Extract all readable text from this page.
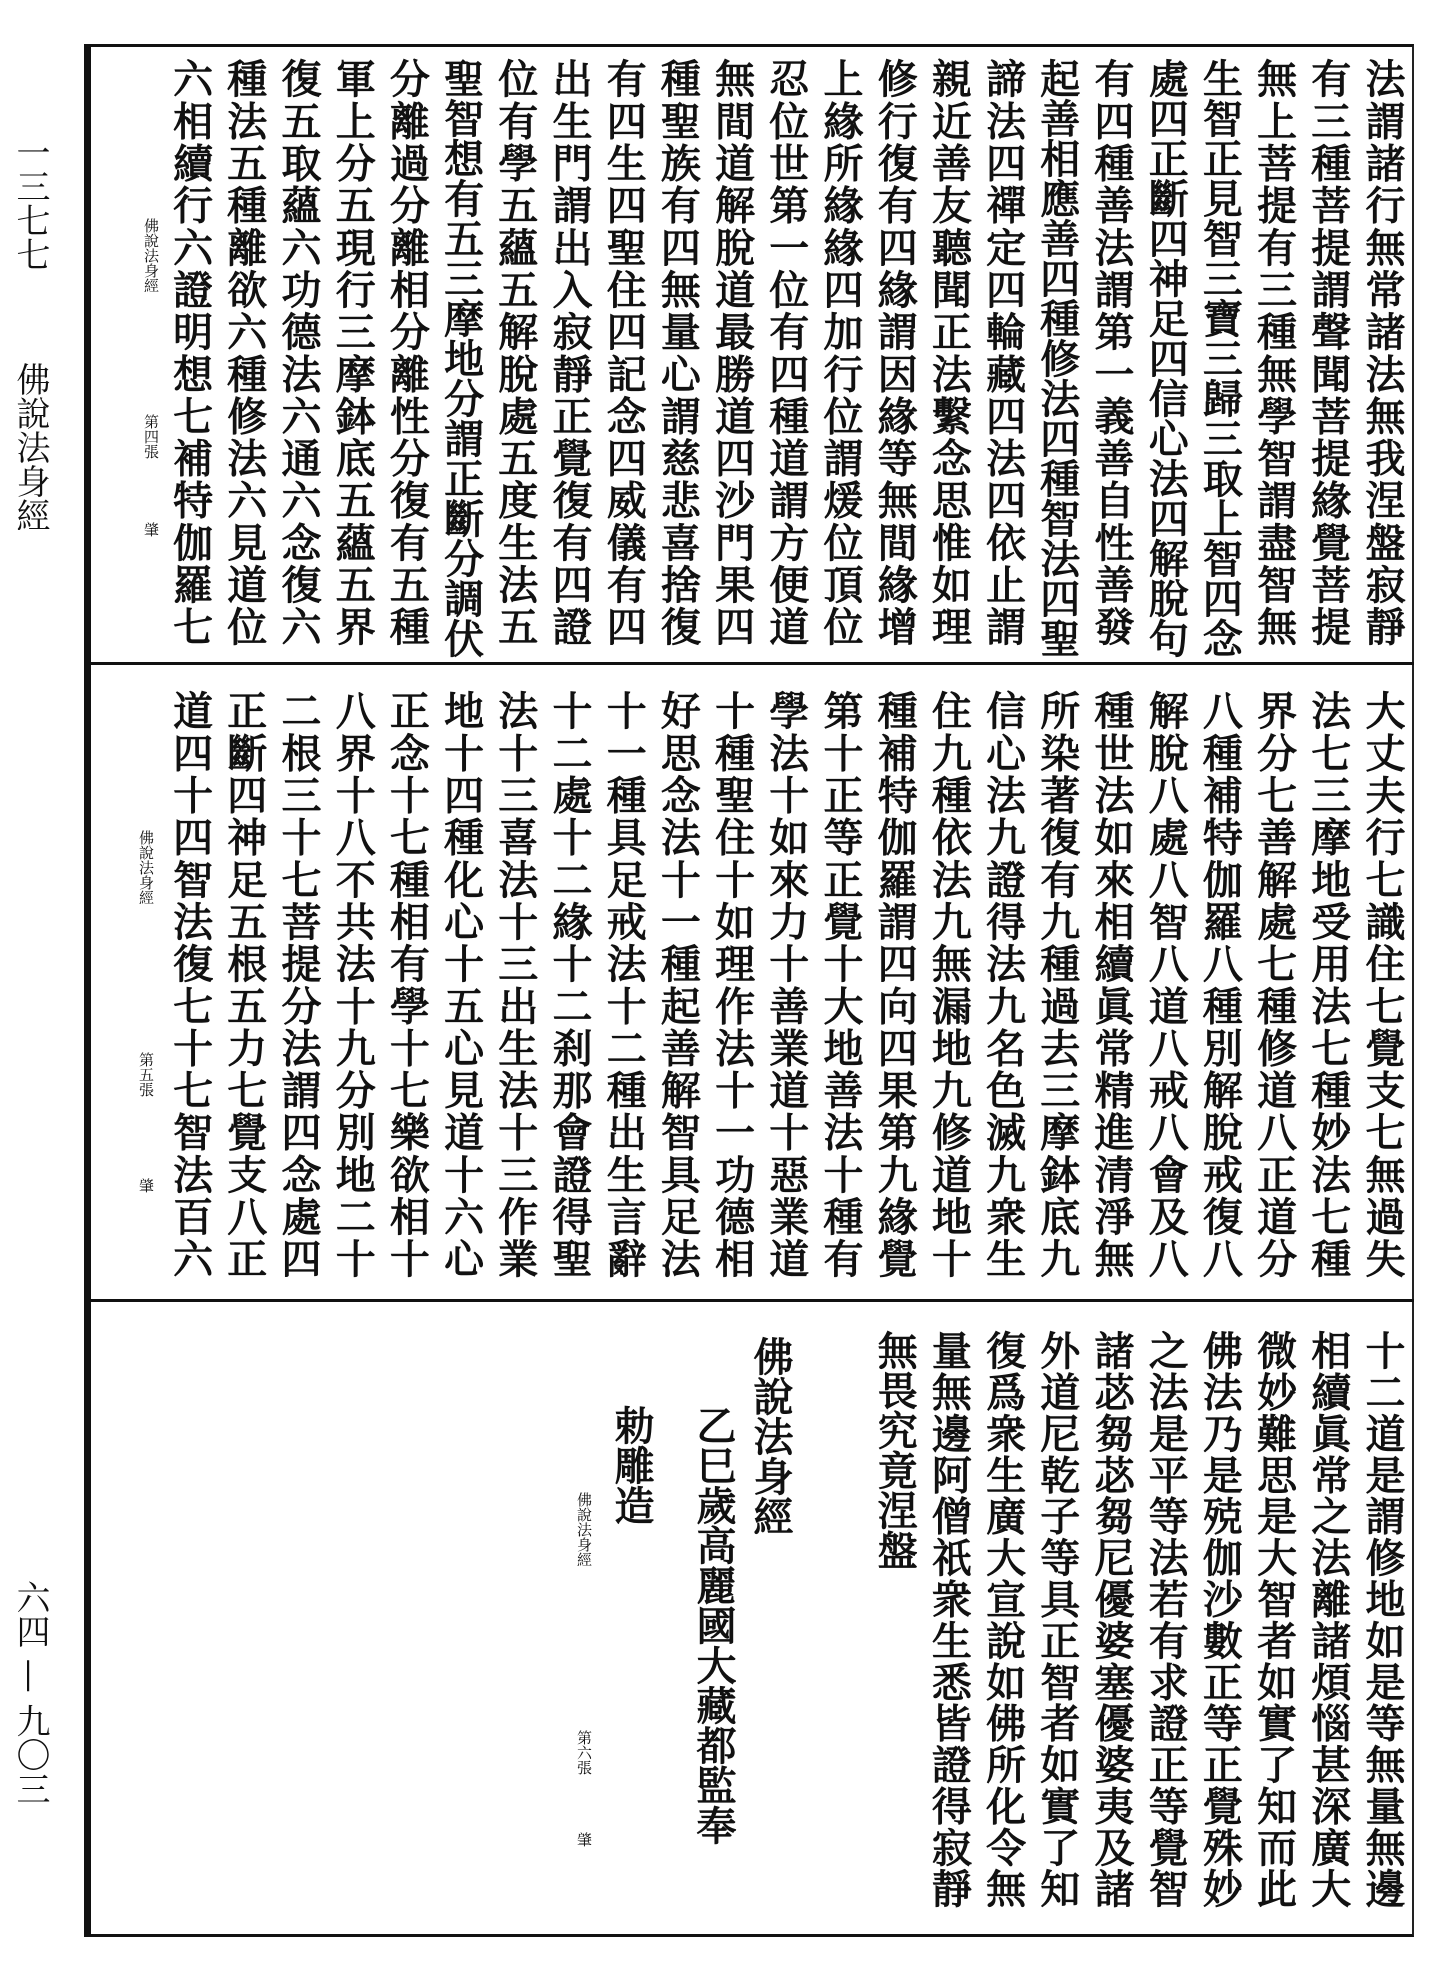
一三七七
佛說法身經
六四 — 九〇三
法謂諸行無常諸法無我涅盤寂靜
有三種菩提謂聲聞菩提緣覺菩提
無上菩提有三種無學智謂盡智無
生智正見智三寶三歸三取上智四念
處四正斷四神足四信心法四解脫句
有四種善法謂第一義善自性善發
起善相應善四種修法四種智法四聖
諦法四禪定四輪藏四法四依止謂
親近善友聽聞正法繫念思惟如理
修行復有四緣謂因緣等無間緣增
上緣所緣緣四加行位謂煖位頂位
忍位世第一位有四種道謂方便道
無間道解脫道最勝道四沙門果四
種聖族有四無量心謂慈悲喜捨復
有四生四聖住四記念四威儀有四
出生門謂出入寂靜正覺復有四證
位有學五蘊五解脫處五度生法五
聖智想有五三摩地分謂正斷分調伏
分離過分離相分離性分復有五種
軍上分五現行三摩鉢底五蘊五界
復五取蘊六功德法六通六念復六
種法五種離欲六種修法六見道位
六相續行六證明想七補特伽羅七
大丈夫行七識住七覺支七無過失
法七三摩地受用法七種妙法七種
界分七善解處七種修道八正道分
八種補特伽羅八種別解脫戒復八
解脫八處八智八道八戒八會及八
種世法如來相續眞常精進清淨無
所染著復有九種過去三摩鉢底九
信心法九證得法九名色滅九衆生
住九種依法九無漏地九修道地十
種補特伽羅謂四向四果第九緣覺
第十正等正覺十大地善法十種有
學法十如來力十善業道十惡業道
十種聖住十如理作法十一功德相
好思念法十一種起善解智具足法
十一種具足戒法十二種出生言辭
十二處十二緣十二刹那會證得聖
法十三喜法十三出生法十三作業
地十四種化心十五心見道十六心
正念十七種相有學十七樂欲相十
八界十八不共法十九分別地二十
二根三十七菩提分法謂四念處四
正斷四神足五根五力七覺支八正
道四十四智法復七十七智法百六
十二道是謂修地如是等無量無邊
相續眞常之法離諸煩惱甚深廣大
微妙難思是大智者如實了知而此
佛法乃是殑伽沙數正等正覺殊妙
之法是平等法若有求證正等覺智
諸苾芻苾芻尼優婆塞優婆夷及諸
外道尼乾子等具正智者如實了知
復爲衆生廣大宣說如佛所化令無
量無邊阿僧祇衆生悉皆證得寂靜
無畏究竟涅盤
佛說法身經
第四張
肇
佛說法身經
第五張
肇
佛說法身經
第六張
肇
佛說法身經
乙巳歲高麗國大藏都監奉
勅雕造
